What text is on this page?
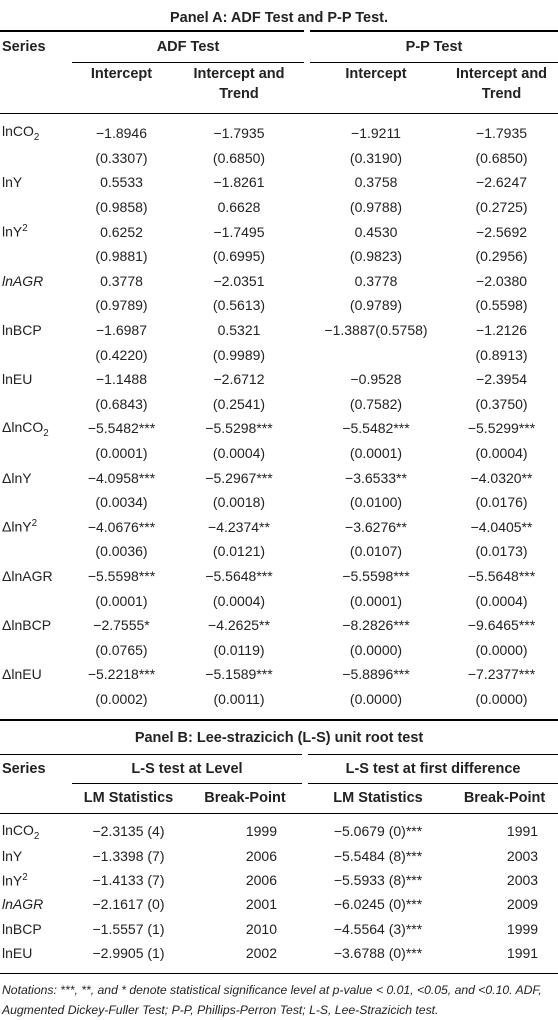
Panel A: ADF Test and P-P Test.				
Series	ADF Test		P-P Test	
	Intercept	Intercept and	Intercept	Intercept and
		Trend		Trend

lnCO$_2$	−1.8946	−1.7935	−1.9211	−1.7935
	(0.3307)	(0.6850)	(0.3190)	(0.6850)
lnY	0.5533	−1.8261	0.3758	−2.6247
	(0.9858)	0.6628	(0.9788)	(0.2725)
lnY$^2$	0.6252	−1.7495	0.4530	−2.5692
	(0.9881)	(0.6995)	(0.9823)	(0.2956)
lnAGR	0.3778	−2.0351	0.3778	−2.0380
	(0.9789)	(0.5613)	(0.9789)	(0.5598)
lnBCP	−1.6987	0.5321	−1.3887(0.5758)	−1.2126
	(0.4220)	(0.9989)		(0.8913)
lnEU	−1.1488	−2.6712	−0.9528	−2.3954
	(0.6843)	(0.2541)	(0.7582)	(0.3750)
ΔlnCO$_2$	−5.5482***	−5.5298***	−5.5482***	−5.5299***
	(0.0001)	(0.0004)	(0.0001)	(0.0004)
ΔlnY	−4.0958***	−5.2967***	−3.6533**	−4.0320**
	(0.0034)	(0.0018)	(0.0100)	(0.0176)
ΔlnY$^2$	−4.0676***	−4.2374**	−3.6276**	−4.0405**
	(0.0036)	(0.0121)	(0.0107)	(0.0173)
ΔlnAGR	−5.5598***	−5.5648***	−5.5598***	−5.5648***
	(0.0001)	(0.0004)	(0.0001)	(0.0004)
ΔlnBCP	−2.7555*	−4.2625**	−8.2826***	−9.6465***
	(0.0765)	(0.0119)	(0.0000)	(0.0000)
ΔlnEU	−5.2218***	−5.1589***	−5.8896***	−7.2377***
	(0.0002)	(0.0011)	(0.0000)	(0.0000)
Panel B: Lee-strazicich (L-S) unit root test				
Series	L-S test at Level		L-S test at first difference	
	LM Statistics	Break-Point	LM Statistics	Break-Point

lnCO$_2$	−2.3135 (4)	1999	−5.0679 (0)***	1991
lnY	−1.3398 (7)	2006	−5.5484 (8)***	2003
lnY$^2$	−1.4133 (7)	2006	−5.5933 (8)***	2003
lnAGR	−2.1617 (0)	2001	−6.0245 (0)***	2009
lnBCP	−1.5557 (1)	2010	−4.5564 (3)***	1999
lnEU	−2.9905 (1)	2002	−3.6788 (0)***	1991

Notations: ***, **, and * denote statistical significance level at p-value < 0.01, <0.05, and <0.10. ADF, Augmented Dickey-Fuller Test; P-P, Phillips-Perron Test; L-S, Lee-Strazicich test.
